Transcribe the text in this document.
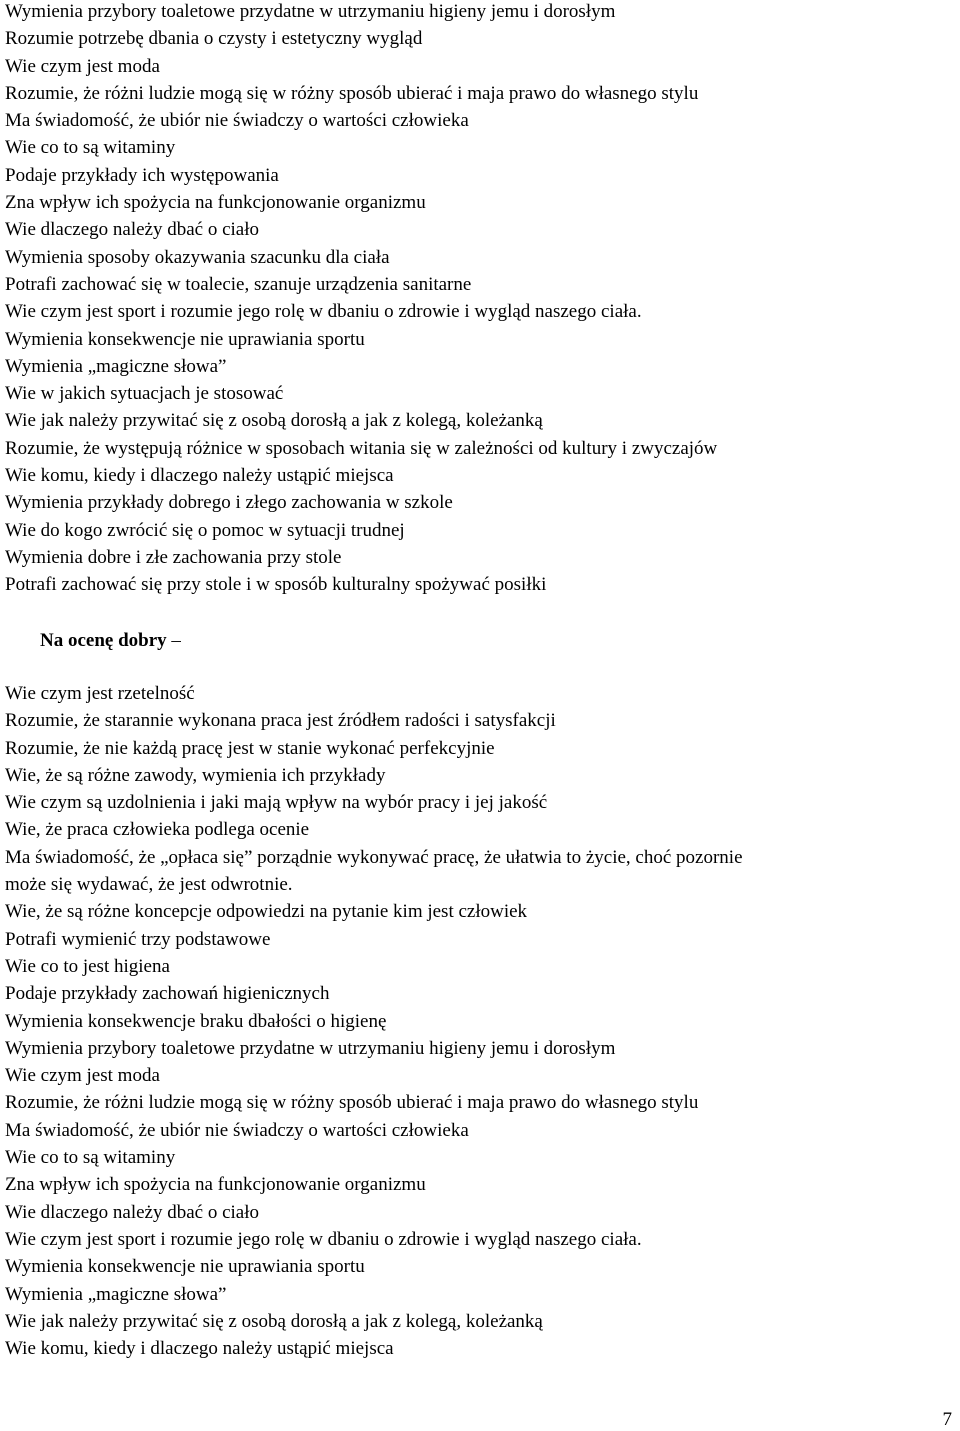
Wymienia przybory toaletowe przydatne w utrzymaniu higieny jemu i dorosłym
Rozumie potrzebę dbania o czysty i estetyczny wygląd
Wie czym jest moda
Rozumie, że różni ludzie mogą się w różny sposób ubierać i maja prawo do własnego stylu
Ma świadomość, że ubiór nie świadczy o wartości człowieka
Wie co to są witaminy
Podaje przykłady ich występowania
Zna wpływ ich spożycia na funkcjonowanie organizmu
Wie dlaczego należy dbać o ciało
Wymienia sposoby okazywania szacunku dla ciała
Potrafi zachować się w toalecie, szanuje urządzenia sanitarne
Wie czym jest sport i rozumie jego rolę w dbaniu o zdrowie i wygląd naszego ciała.
Wymienia konsekwencje nie uprawiania sportu
Wymienia „magiczne słowa”
Wie w jakich sytuacjach je stosować
Wie jak należy przywitać się z osobą dorosłą a jak z kolegą, koleżanką
Rozumie, że występują różnice w sposobach witania się w zależności od kultury i zwyczajów
Wie komu, kiedy i dlaczego należy ustąpić miejsca
Wymienia przykłady dobrego i złego zachowania w szkole
Wie do kogo zwrócić się o pomoc w sytuacji trudnej
Wymienia dobre i złe zachowania przy stole
Potrafi zachować się przy stole i w sposób kulturalny spożywać posiłki
Na ocenę dobry –
Wie czym jest rzetelność
Rozumie, że starannie wykonana praca jest źródłem radości i satysfakcji
Rozumie, że nie każdą pracę jest w stanie wykonać perfekcyjnie
Wie, że są różne zawody, wymienia ich przykłady
Wie czym są uzdolnienia i jaki mają wpływ na wybór pracy i jej jakość
Wie, że praca człowieka podlega ocenie
Ma świadomość, że „opłaca się” porządnie wykonywać pracę, że ułatwia to życie, choć pozornie
może się wydawać, że jest odwrotnie.
Wie, że są różne koncepcje odpowiedzi na pytanie kim jest człowiek
Potrafi wymienić trzy podstawowe
Wie co to jest higiena
Podaje przykłady zachowań higienicznych
Wymienia konsekwencje braku dbałości o higienę
Wymienia przybory toaletowe przydatne w utrzymaniu higieny jemu i dorosłym
Wie czym jest moda
Rozumie, że różni ludzie mogą się w różny sposób ubierać i maja prawo do własnego stylu
Ma świadomość, że ubiór nie świadczy o wartości człowieka
Wie co to są witaminy
Zna wpływ ich spożycia na funkcjonowanie organizmu
Wie dlaczego należy dbać o ciało
Wie czym jest sport i rozumie jego rolę w dbaniu o zdrowie i wygląd naszego ciała.
Wymienia konsekwencje nie uprawiania sportu
Wymienia „magiczne słowa”
Wie jak należy przywitać się z osobą dorosłą a jak z kolegą, koleżanką
Wie komu, kiedy i dlaczego należy ustąpić miejsca
7
